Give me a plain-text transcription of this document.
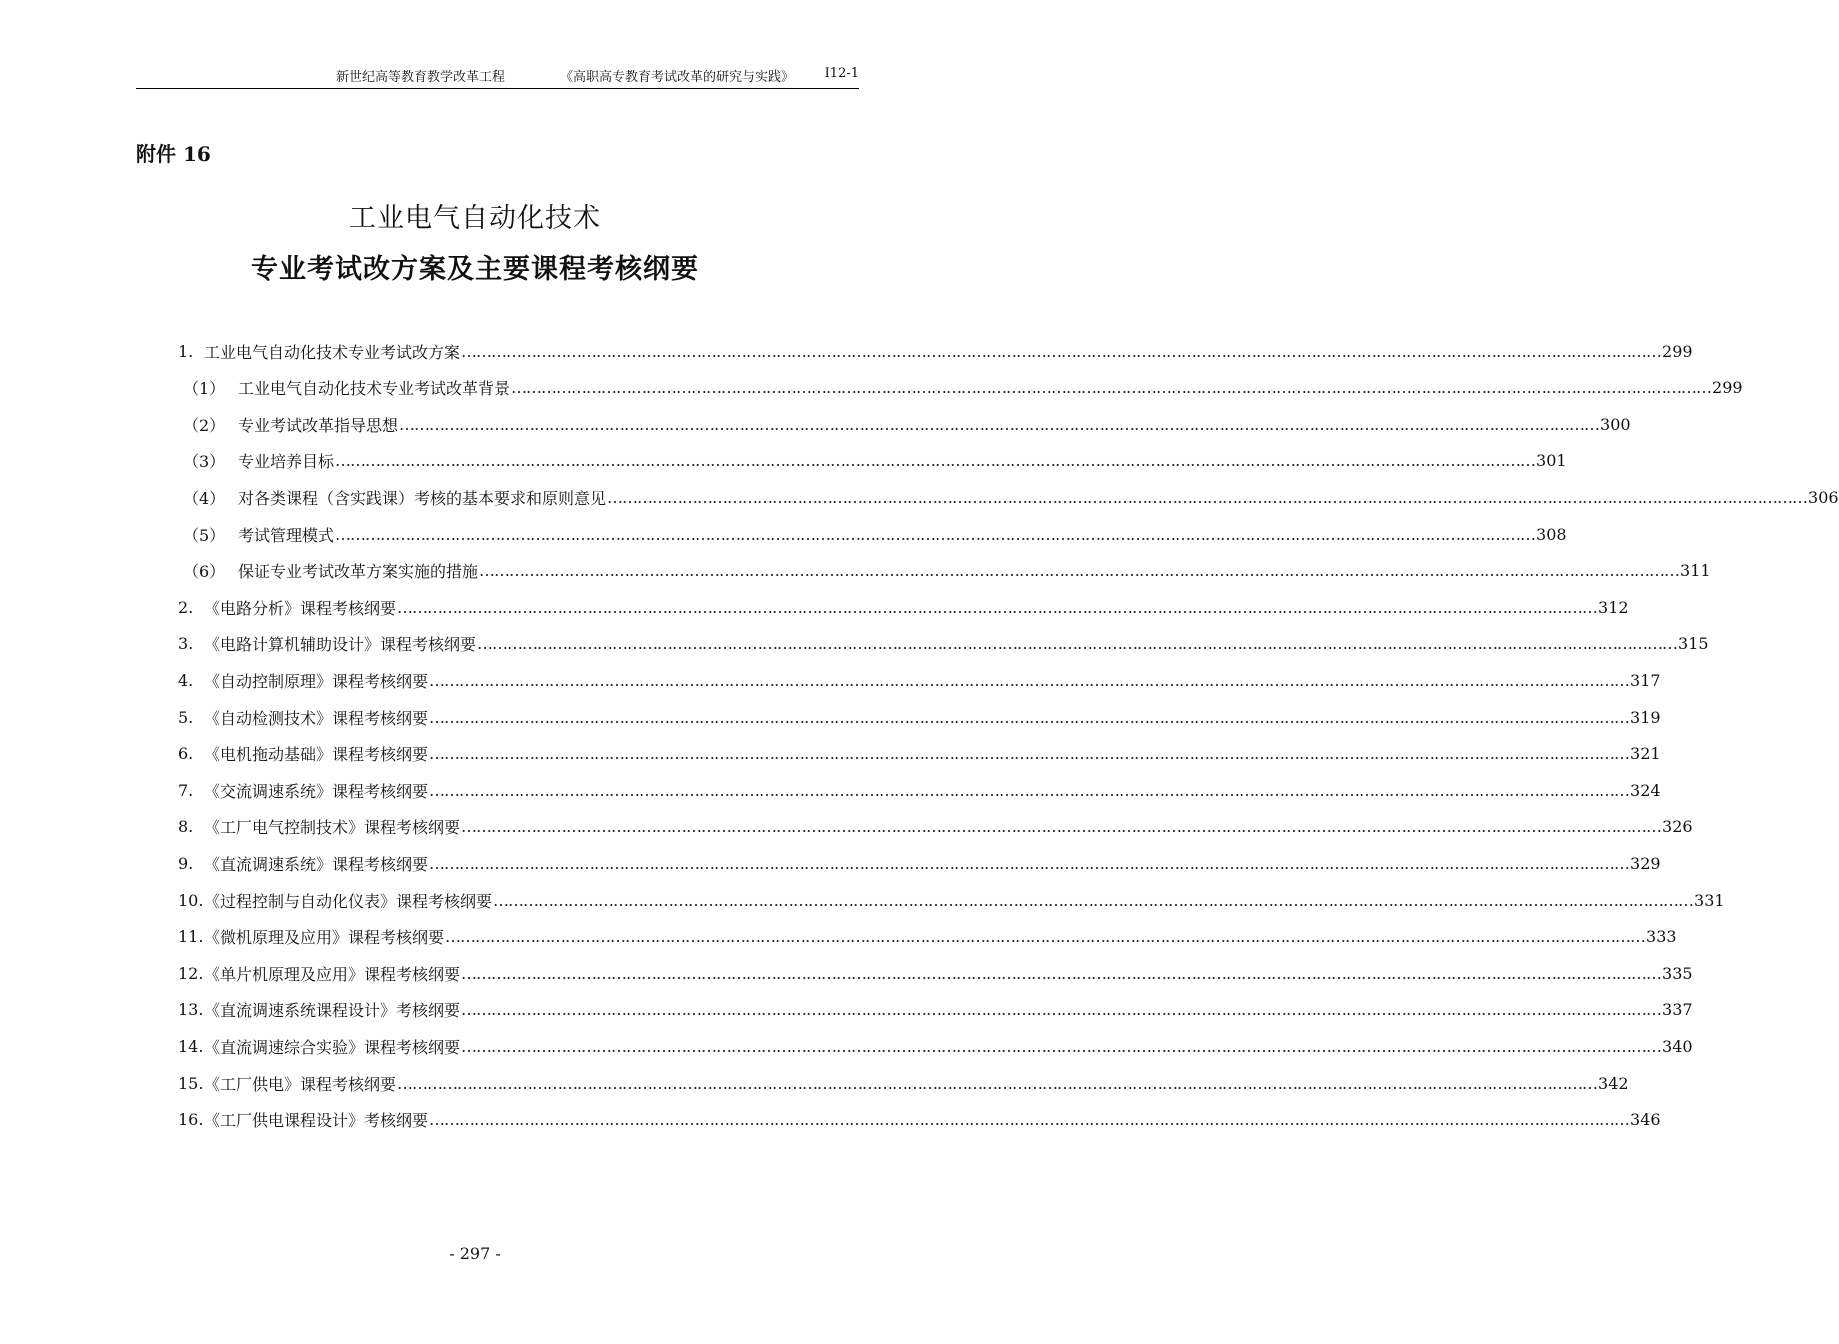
新世纪高等教育教学改革工程	《高职高专教育考试改革的研究与实践》 Ⅰ12-1
附件 16
工业电气自动化技术
专业考试改方案及主要课程考核纲要
1. 工业电气自动化技术专业考试改方案 …………………………………………………………………………………………………………………………………………………………………………………………………………………… 299
（1） 工业电气自动化技术专业考试改革背景 …………………………………………………………………………………………………………………………………………………………………………………………………………………… 299
（2） 专业考试改革指导思想 …………………………………………………………………………………………………………………………………………………………………………………………………………………… 300
（3） 专业培养目标 …………………………………………………………………………………………………………………………………………………………………………………………………………………… 301
（4） 对各类课程（含实践课）考核的基本要求和原则意见 …………………………………………………………………………………………………………………………………………………………………………………………………………………… 306
（5） 考试管理模式 …………………………………………………………………………………………………………………………………………………………………………………………………………………… 308
（6） 保证专业考试改革方案实施的措施 …………………………………………………………………………………………………………………………………………………………………………………………………………………… 311
2. 《电路分析》课程考核纲要 …………………………………………………………………………………………………………………………………………………………………………………………………………………… 312
3. 《电路计算机辅助设计》课程考核纲要 …………………………………………………………………………………………………………………………………………………………………………………………………………………… 315
4. 《自动控制原理》课程考核纲要 …………………………………………………………………………………………………………………………………………………………………………………………………………………… 317
5. 《自动检测技术》课程考核纲要 …………………………………………………………………………………………………………………………………………………………………………………………………………………… 319
6. 《电机拖动基础》课程考核纲要 …………………………………………………………………………………………………………………………………………………………………………………………………………………… 321
7. 《交流调速系统》课程考核纲要 …………………………………………………………………………………………………………………………………………………………………………………………………………………… 324
8. 《工厂电气控制技术》课程考核纲要 …………………………………………………………………………………………………………………………………………………………………………………………………………………… 326
9. 《直流调速系统》课程考核纲要 …………………………………………………………………………………………………………………………………………………………………………………………………………………… 329
10. 《过程控制与自动化仪表》课程考核纲要 …………………………………………………………………………………………………………………………………………………………………………………………………………………… 331
11. 《微机原理及应用》课程考核纲要 …………………………………………………………………………………………………………………………………………………………………………………………………………………… 333
12. 《单片机原理及应用》课程考核纲要 …………………………………………………………………………………………………………………………………………………………………………………………………………………… 335
13. 《直流调速系统课程设计》考核纲要 …………………………………………………………………………………………………………………………………………………………………………………………………………………… 337
14. 《直流调速综合实验》课程考核纲要 …………………………………………………………………………………………………………………………………………………………………………………………………………………… 340
15. 《工厂供电》课程考核纲要 …………………………………………………………………………………………………………………………………………………………………………………………………………………… 342
16. 《工厂供电课程设计》考核纲要 …………………………………………………………………………………………………………………………………………………………………………………………………………………… 346
- 297 -
